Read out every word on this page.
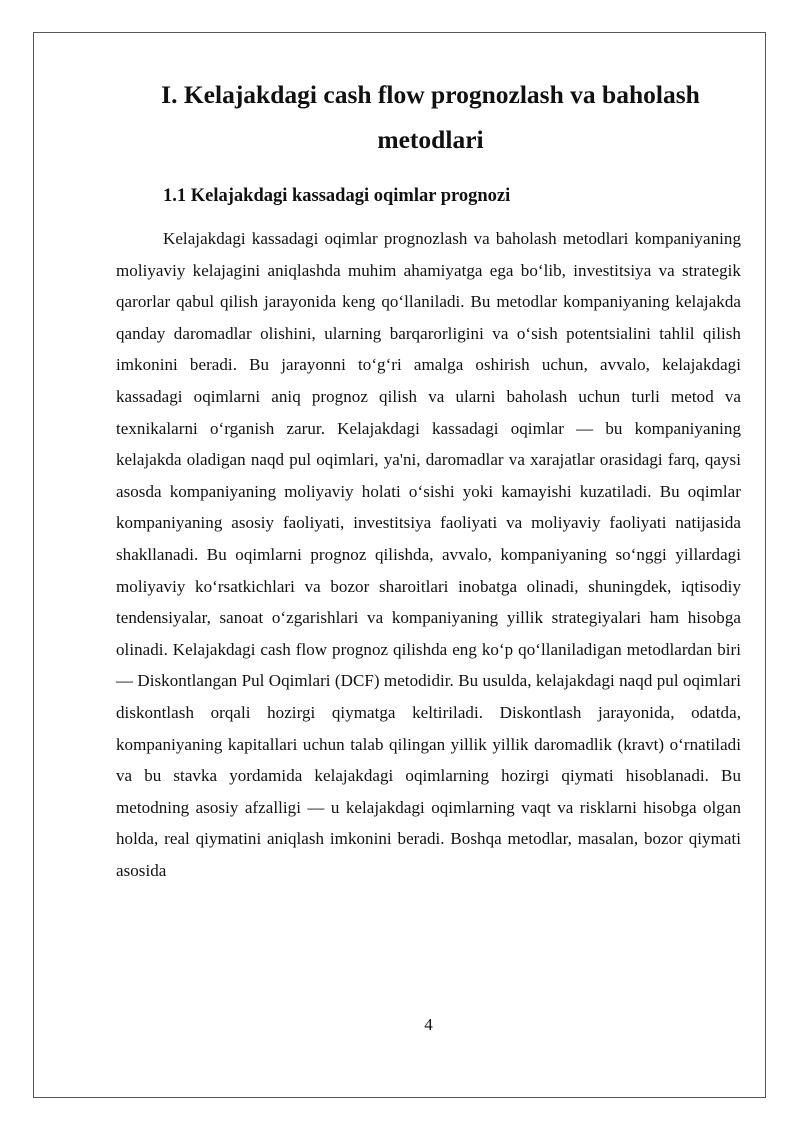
I. Kelajakdagi cash flow prognozlash va baholash metodlari
1.1 Kelajakdagi kassadagi oqimlar prognozi

Kelajakdagi kassadagi oqimlar prognozlash va baholash metodlari kompaniyaning moliyaviy kelajagini aniqlashda muhim ahamiyatga ega bo‘lib, investitsiya va strategik qarorlar qabul qilish jarayonida keng qo‘llaniladi. Bu metodlar kompaniyaning kelajakda qanday daromadlar olishini, ularning barqarorligini va o‘sish potentsialini tahlil qilish imkonini beradi. Bu jarayonni to‘g‘ri amalga oshirish uchun, avvalo, kelajakdagi kassadagi oqimlarni aniq prognoz qilish va ularni baholash uchun turli metod va texnikalarni o‘rganish zarur. Kelajakdagi kassadagi oqimlar — bu kompaniyaning kelajakda oladigan naqd pul oqimlari, ya'ni, daromadlar va xarajatlar orasidagi farq, qaysi asosda kompaniyaning moliyaviy holati o‘sishi yoki kamayishi kuzatiladi. Bu oqimlar kompaniyaning asosiy faoliyati, investitsiya faoliyati va moliyaviy faoliyati natijasida shakllanadi. Bu oqimlarni prognoz qilishda, avvalo, kompaniyaning so‘nggi yillardagi moliyaviy ko‘rsatkichlari va bozor sharoitlari inobatga olinadi, shuningdek, iqtisodiy tendensiyalar, sanoat o‘zgarishlari va kompaniyaning yillik strategiyalari ham hisobga olinadi. Kelajakdagi cash flow prognoz qilishda eng ko‘p qo‘llaniladigan metodlardan biri — Diskontlangan Pul Oqimlari (DCF) metodidir. Bu usulda, kelajakdagi naqd pul oqimlari diskontlash orqali hozirgi qiymatga keltiriladi. Diskontlash jarayonida, odatda, kompaniyaning kapitallari uchun talab qilingan yillik yillik daromadlik (kravt) o‘rnatiladi va bu stavka yordamida kelajakdagi oqimlarning hozirgi qiymati hisoblanadi. Bu metodning asosiy afzalligi — u kelajakdagi oqimlarning vaqt va risklarni hisobga olgan holda, real qiymatini aniqlash imkonini beradi. Boshqa metodlar, masalan, bozor qiymati asosida

4
